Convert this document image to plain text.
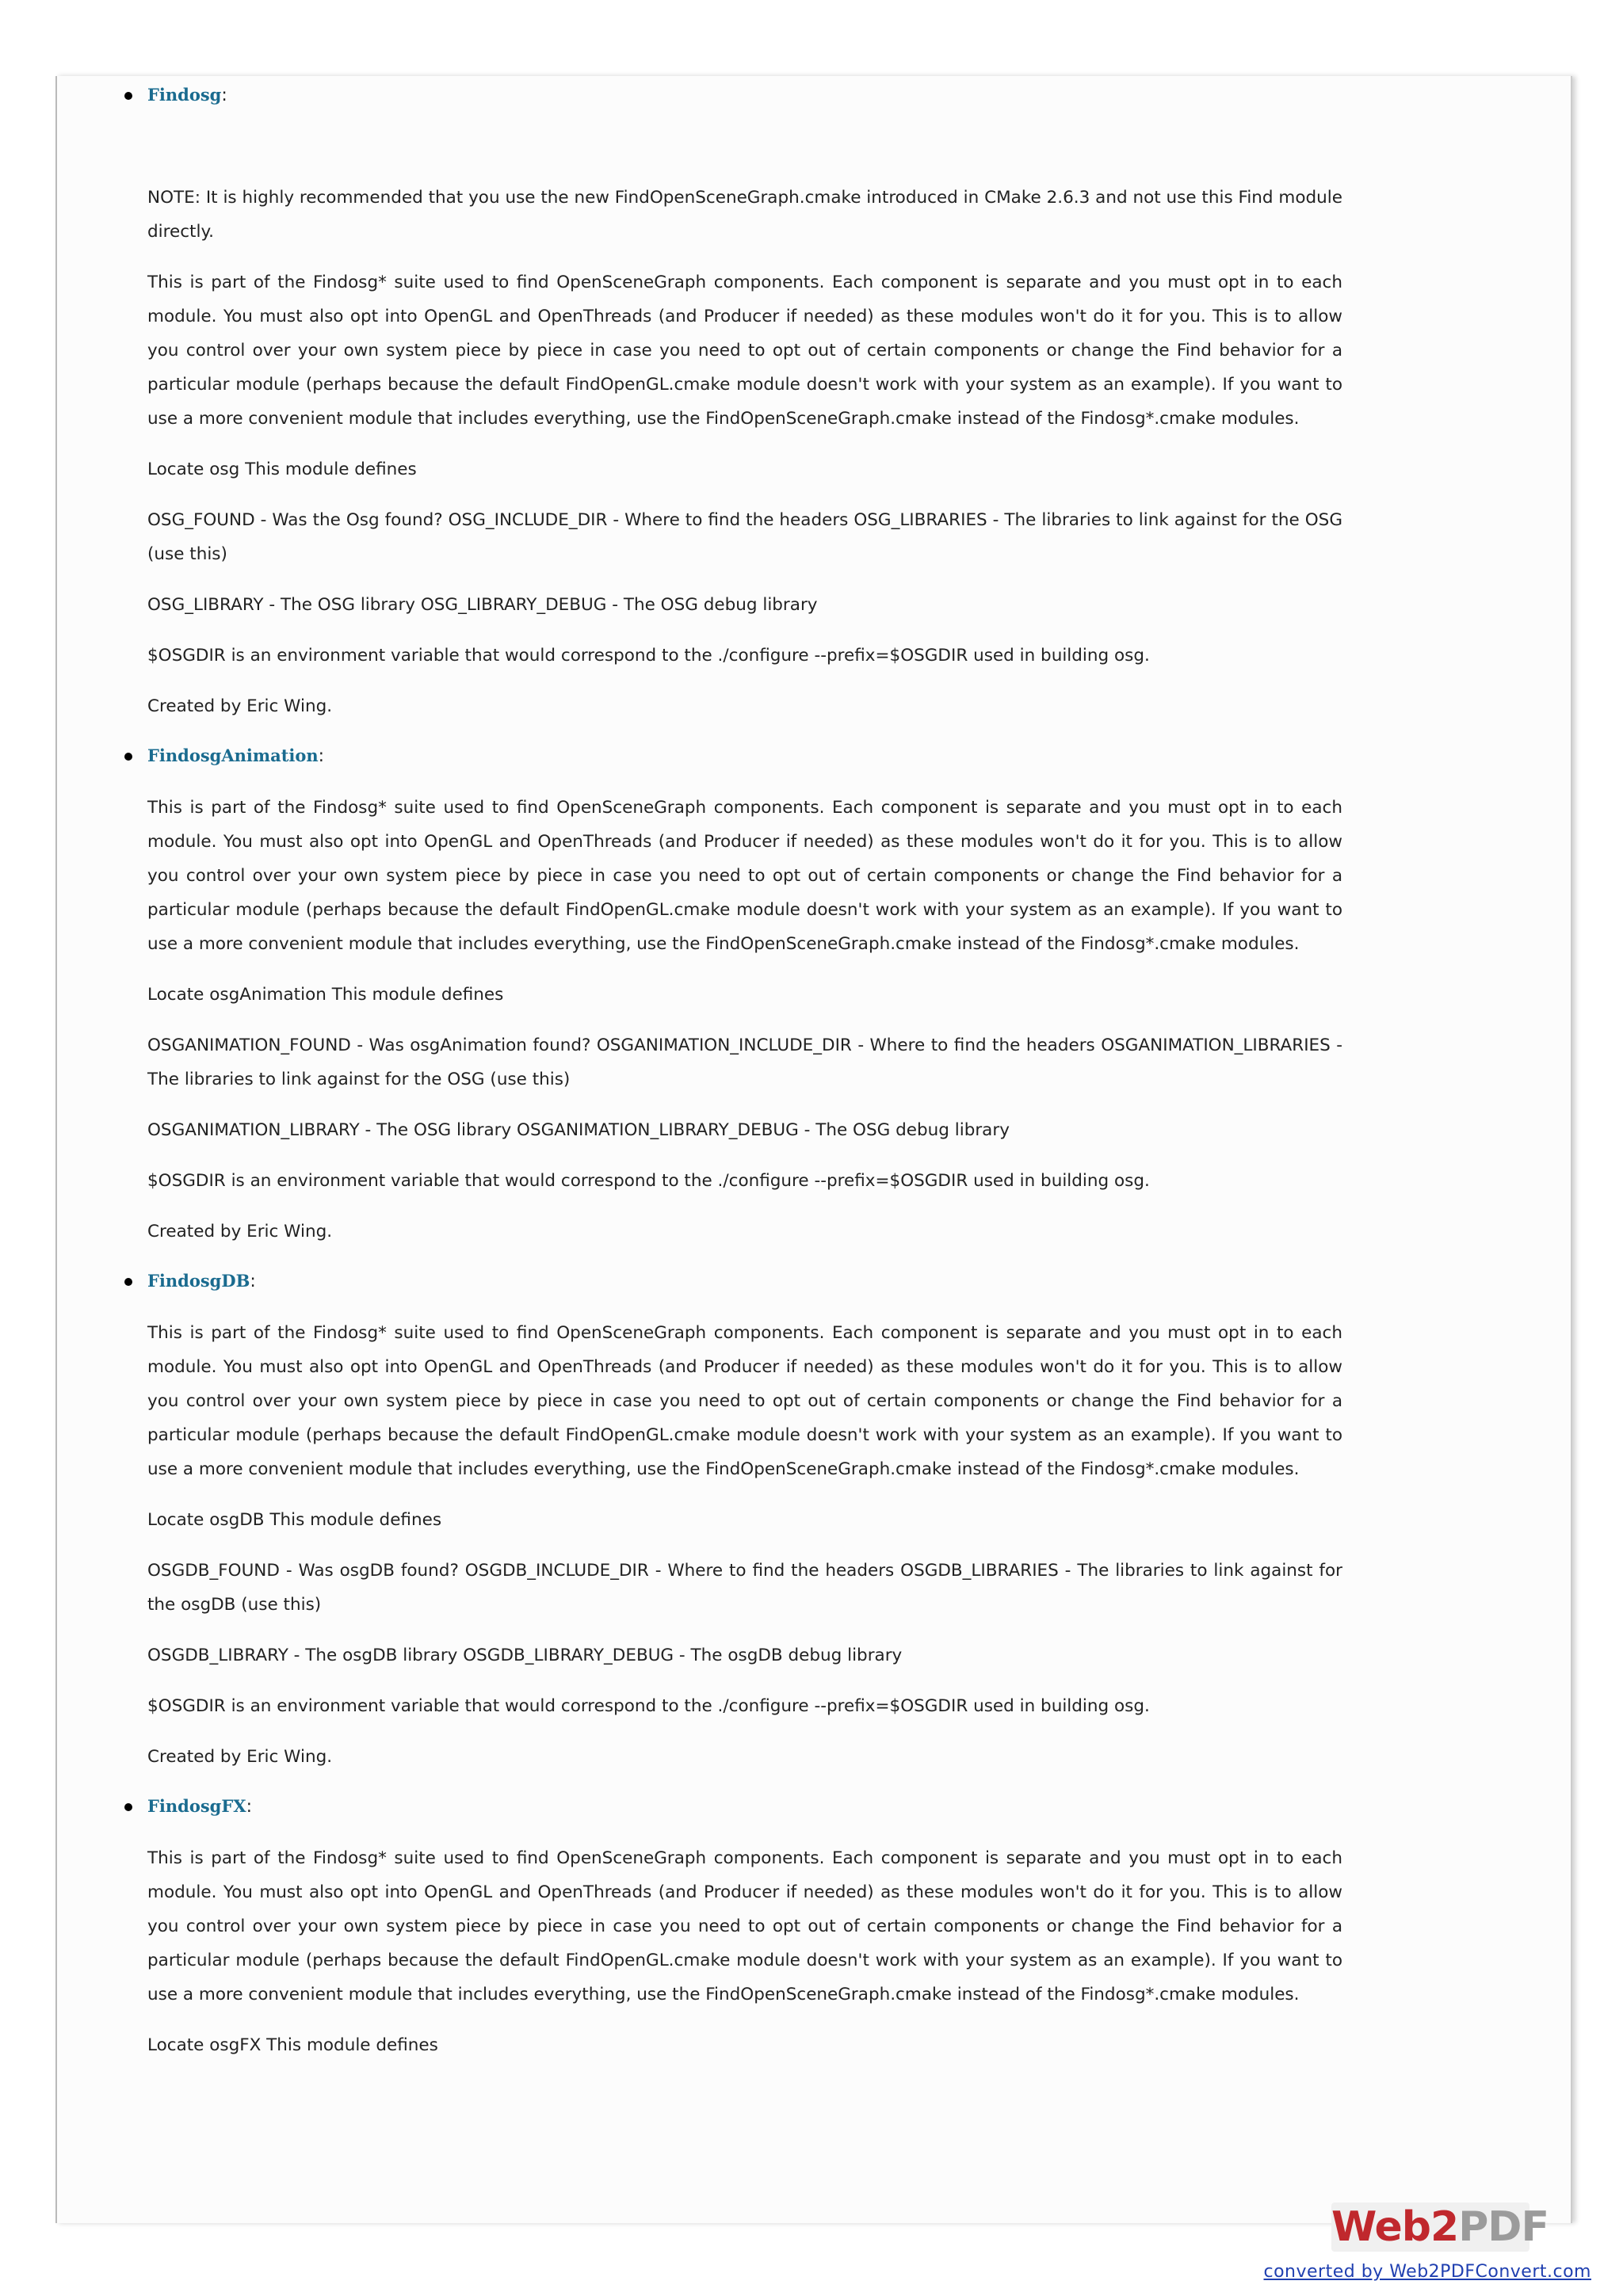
Findosg:

NOTE: It is highly recommended that you use the new FindOpenSceneGraph.cmake introduced in CMake 2.6.3 and not use this Find module directly.

This is part of the Findosg* suite used to find OpenSceneGraph components. Each component is separate and you must opt in to each module. You must also opt into OpenGL and OpenThreads (and Producer if needed) as these modules won't do it for you. This is to allow you control over your own system piece by piece in case you need to opt out of certain components or change the Find behavior for a particular module (perhaps because the default FindOpenGL.cmake module doesn't work with your system as an example). If you want to use a more convenient module that includes everything, use the FindOpenSceneGraph.cmake instead of the Findosg*.cmake modules.

Locate osg This module defines

OSG_FOUND - Was the Osg found? OSG_INCLUDE_DIR - Where to find the headers OSG_LIBRARIES - The libraries to link against for the OSG (use this)

OSG_LIBRARY - The OSG library OSG_LIBRARY_DEBUG - The OSG debug library

$OSGDIR is an environment variable that would correspond to the ./configure --prefix=$OSGDIR used in building osg.

Created by Eric Wing.

FindosgAnimation:

This is part of the Findosg* suite used to find OpenSceneGraph components. Each component is separate and you must opt in to each module. You must also opt into OpenGL and OpenThreads (and Producer if needed) as these modules won't do it for you. This is to allow you control over your own system piece by piece in case you need to opt out of certain components or change the Find behavior for a particular module (perhaps because the default FindOpenGL.cmake module doesn't work with your system as an example). If you want to use a more convenient module that includes everything, use the FindOpenSceneGraph.cmake instead of the Findosg*.cmake modules.

Locate osgAnimation This module defines

OSGANIMATION_FOUND - Was osgAnimation found? OSGANIMATION_INCLUDE_DIR - Where to find the headers OSGANIMATION_LIBRARIES - The libraries to link against for the OSG (use this)

OSGANIMATION_LIBRARY - The OSG library OSGANIMATION_LIBRARY_DEBUG - The OSG debug library

$OSGDIR is an environment variable that would correspond to the ./configure --prefix=$OSGDIR used in building osg.

Created by Eric Wing.

FindosgDB:

This is part of the Findosg* suite used to find OpenSceneGraph components. Each component is separate and you must opt in to each module. You must also opt into OpenGL and OpenThreads (and Producer if needed) as these modules won't do it for you. This is to allow you control over your own system piece by piece in case you need to opt out of certain components or change the Find behavior for a particular module (perhaps because the default FindOpenGL.cmake module doesn't work with your system as an example). If you want to use a more convenient module that includes everything, use the FindOpenSceneGraph.cmake instead of the Findosg*.cmake modules.

Locate osgDB This module defines

OSGDB_FOUND - Was osgDB found? OSGDB_INCLUDE_DIR - Where to find the headers OSGDB_LIBRARIES - The libraries to link against for the osgDB (use this)

OSGDB_LIBRARY - The osgDB library OSGDB_LIBRARY_DEBUG - The osgDB debug library

$OSGDIR is an environment variable that would correspond to the ./configure --prefix=$OSGDIR used in building osg.

Created by Eric Wing.

FindosgFX:

This is part of the Findosg* suite used to find OpenSceneGraph components. Each component is separate and you must opt in to each module. You must also opt into OpenGL and OpenThreads (and Producer if needed) as these modules won't do it for you. This is to allow you control over your own system piece by piece in case you need to opt out of certain components or change the Find behavior for a particular module (perhaps because the default FindOpenGL.cmake module doesn't work with your system as an example). If you want to use a more convenient module that includes everything, use the FindOpenSceneGraph.cmake instead of the Findosg*.cmake modules.

Locate osgFX This module defines

Web2PDF
converted by Web2PDFConvert.com
